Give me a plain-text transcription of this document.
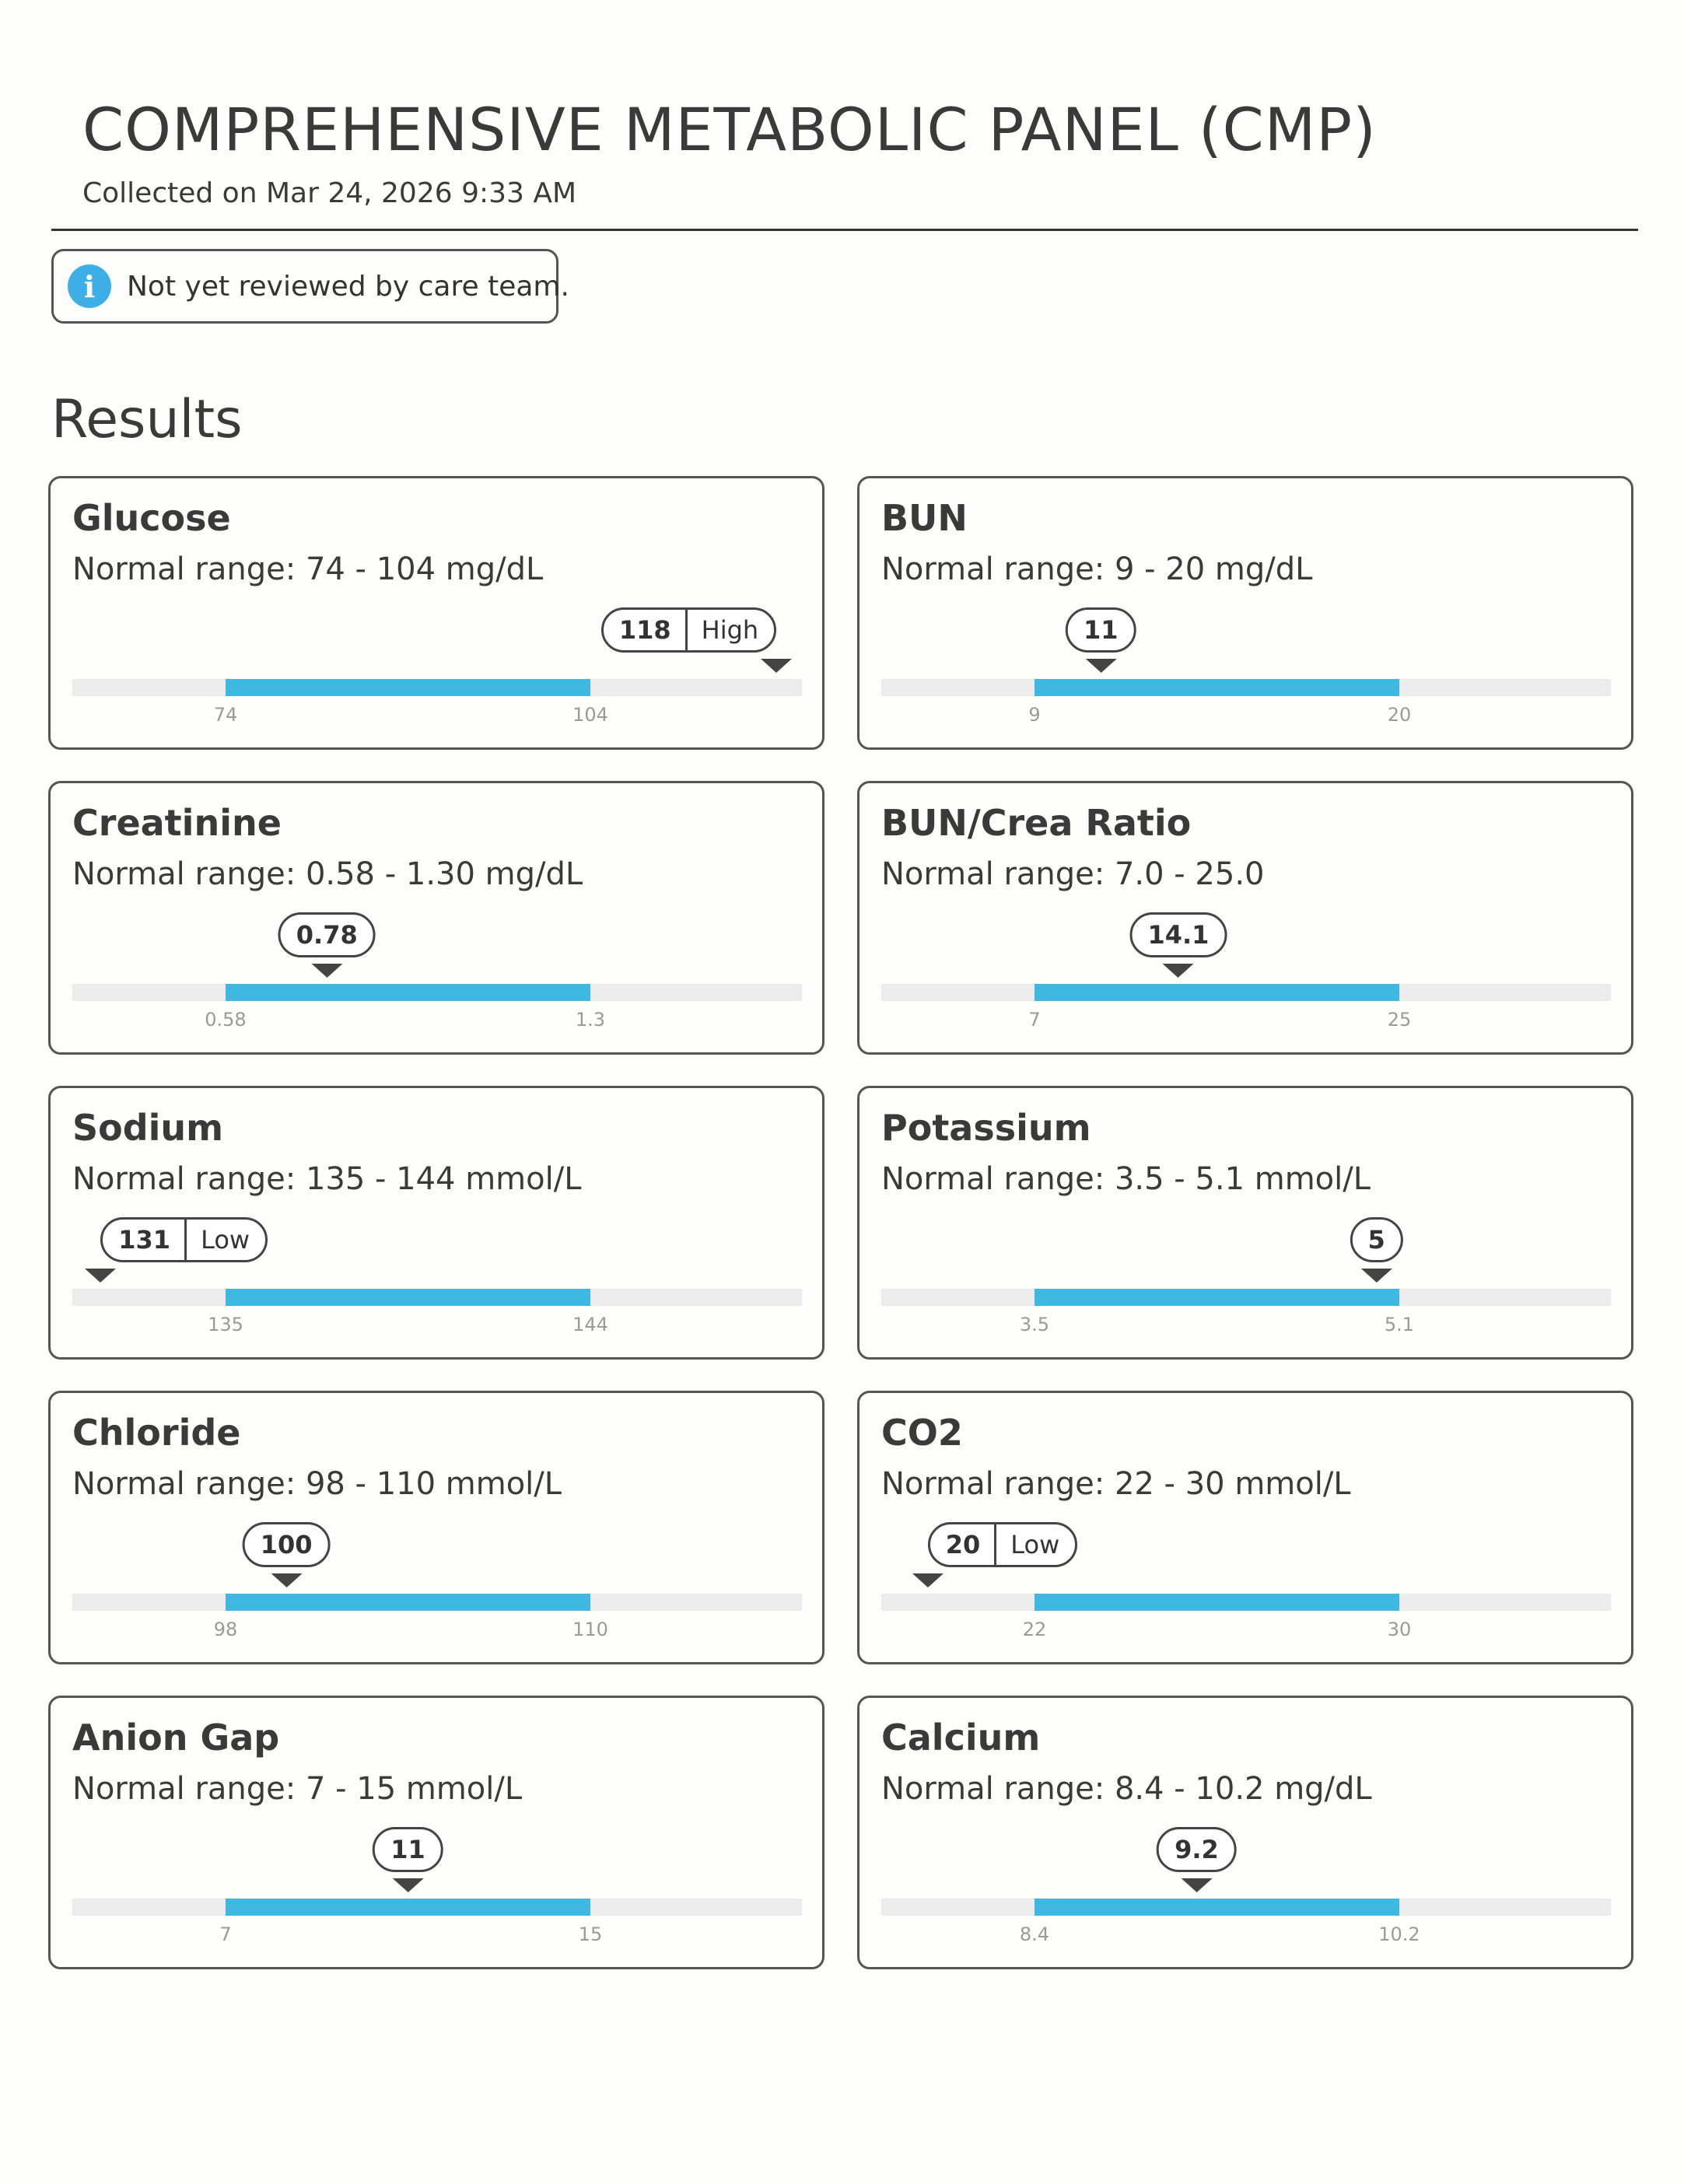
COMPREHENSIVE METABOLIC PANEL (CMP)
Collected on Mar 24, 2026 9:33 AM
i	Not yet reviewed by care team.
Results
Glucose
Normal range: 74 - 104 mg/dL
74	104
118	High
BUN
Normal range: 9 - 20 mg/dL
9	20
11
Creatinine
Normal range: 0.58 - 1.30 mg/dL
0.58	1.3
0.78
BUN/Crea Ratio
Normal range: 7.0 - 25.0
7	25
14.1
Sodium
Normal range: 135 - 144 mmol/L
135	144
131	Low
Potassium
Normal range: 3.5 - 5.1 mmol/L
3.5	5.1
5
Chloride
Normal range: 98 - 110 mmol/L
98	110
100
CO2
Normal range: 22 - 30 mmol/L
22	30
20	Low
Anion Gap
Normal range: 7 - 15 mmol/L
7	15
11
Calcium
Normal range: 8.4 - 10.2 mg/dL
8.4	10.2
9.2
